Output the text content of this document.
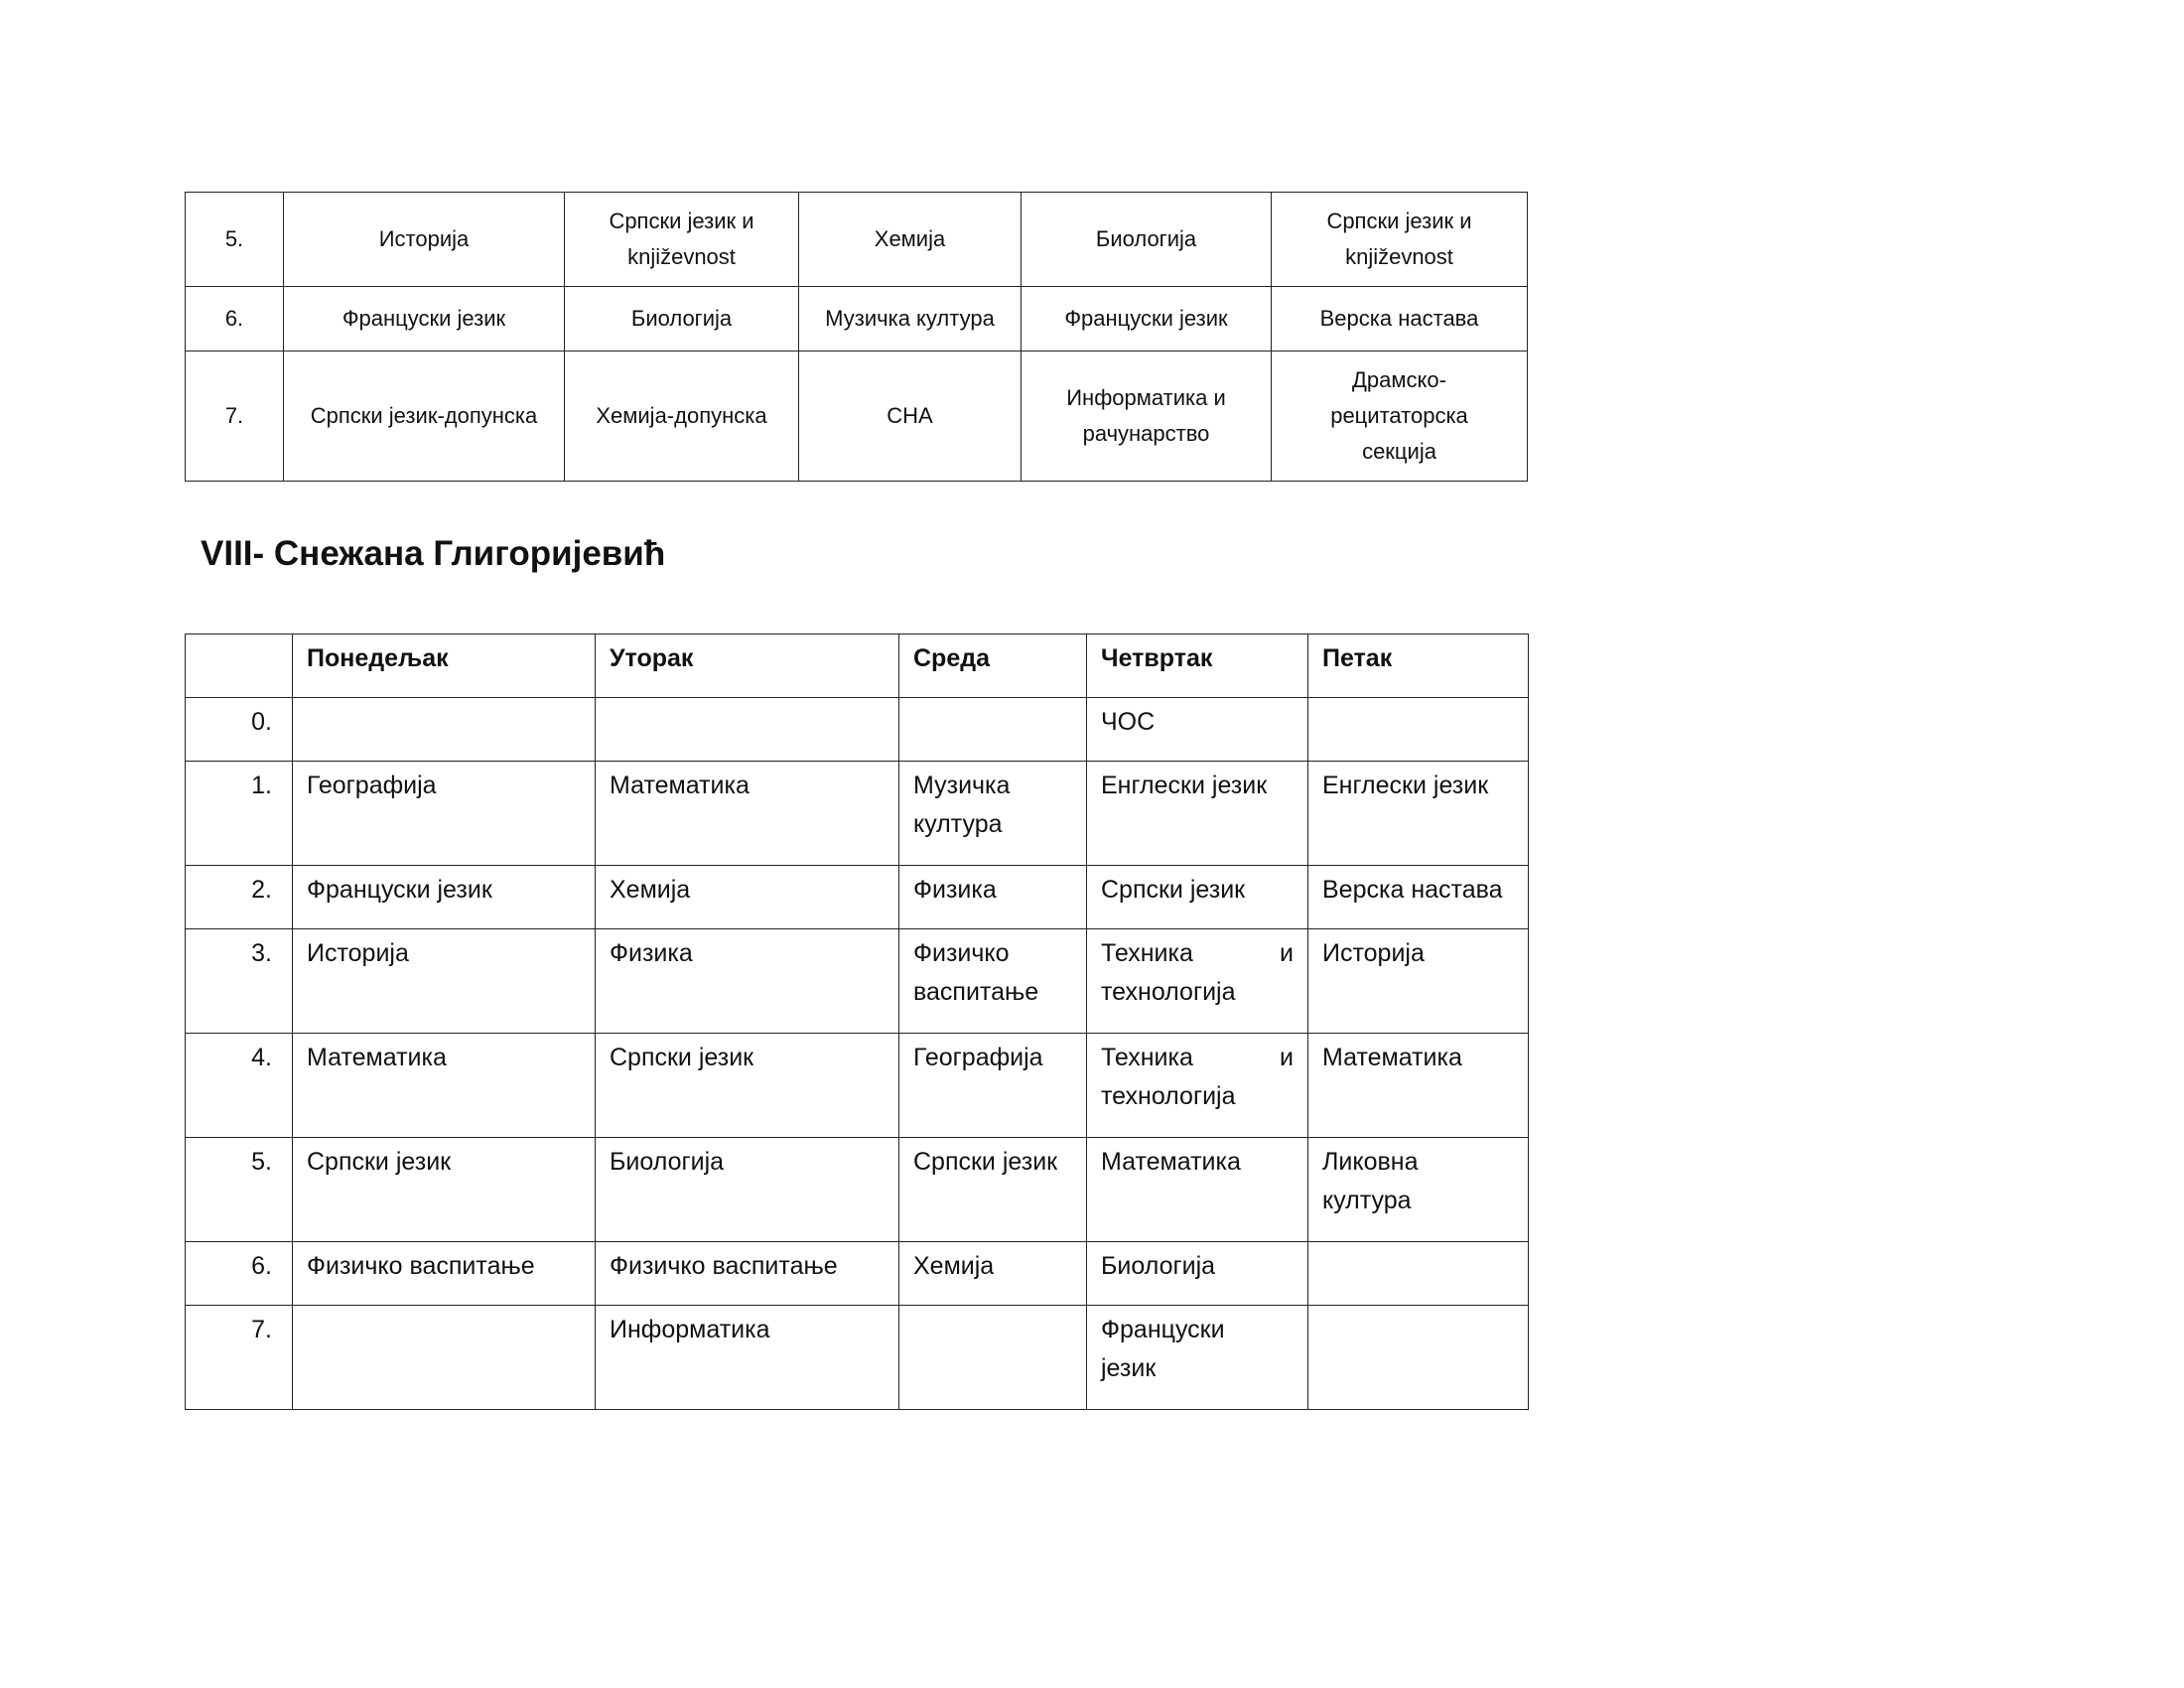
5.	Историја	Српски језик и književnost	Хемија	Биологија	Српски језик и književnost
6.	Француски језик	Биологија	Музичка култура	Француски језик	Верска настава
7.	Српски језик-допунска	Хемија-допунска	СНА	Информатика и рачунарство	Драмско-рецитаторска секција
VIII- Снежана Глигоријевић
	Понедељак	Уторак	Среда	Четвртак	Петак
0.				ЧОС	
1.	Географија	Математика	Музичка култура	Енглески језик	Енглески језик
2.	Француски језик	Хемија	Физика	Српски језик	Верска настава
3.	Историја	Физика	Физичко васпитање	Техника и технологија	Историја
4.	Математика	Српски језик	Географија	Техника и технологија	Математика
5.	Српски језик	Биологија	Српски језик	Математика	Ликовна култура
6.	Физичко васпитање	Физичко васпитање	Хемија	Биологија	
7.		Информатика		Француски језик	
